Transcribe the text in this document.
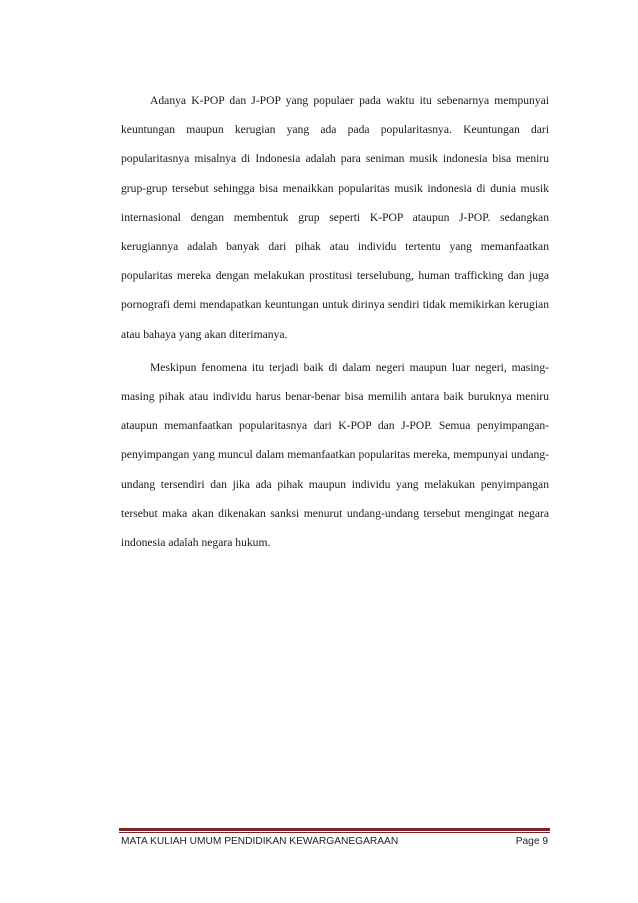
Adanya K-POP dan J-POP yang populaer pada waktu itu sebenarnya mempunyai keuntungan maupun kerugian yang ada pada popularitasnya. Keuntungan dari popularitasnya misalnya di Indonesia adalah para seniman musik indonesia bisa meniru grup-grup tersebut sehingga bisa menaikkan popularitas musik indonesia di dunia musik internasional dengan membentuk grup seperti K-POP ataupun J-POP. sedangkan kerugiannya adalah banyak dari pihak atau individu tertentu yang memanfaatkan popularitas mereka dengan melakukan prostitusi terselubung, human trafficking dan juga pornografi demi mendapatkan keuntungan untuk dirinya sendiri tidak memikirkan kerugian atau bahaya yang akan diterimanya.

Meskipun fenomena itu terjadi baik di dalam negeri maupun luar negeri, masing-masing pihak atau individu harus benar-benar bisa memilih antara baik buruknya meniru ataupun memanfaatkan popularitasnya dari K-POP dan J-POP. Semua penyimpangan-penyimpangan yang muncul dalam memanfaatkan popularitas mereka, mempunyai undang-undang tersendiri dan jika ada pihak maupun individu yang melakukan penyimpangan tersebut maka akan dikenakan sanksi menurut undang-undang tersebut mengingat negara indonesia adalah negara hukum.

MATA KULIAH UMUM PENDIDIKAN KEWARGANEGARAAN	Page 9
